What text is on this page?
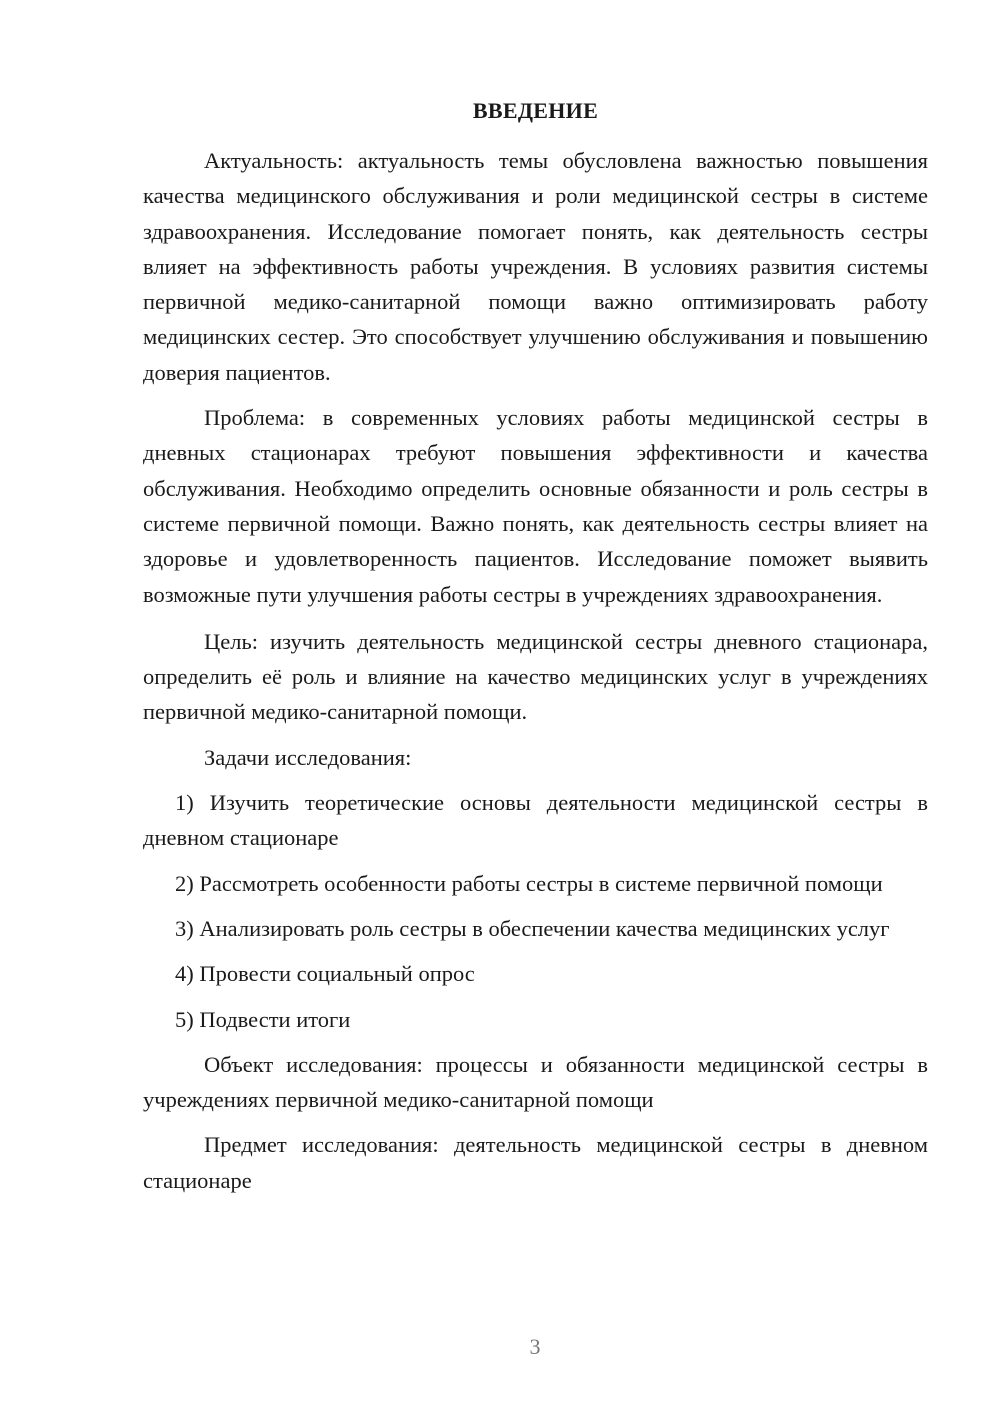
ВВЕДЕНИЕ

Актуальность: актуальность темы обусловлена важностью повышения качества медицинского обслуживания и роли медицинской сестры в системе здравоохранения. Исследование помогает понять, как деятельность сестры влияет на эффективность работы учреждения. В условиях развития системы первичной медико-санитарной помощи важно оптимизировать работу медицинских сестер. Это способствует улучшению обслуживания и повышению доверия пациентов.

Проблема: в современных условиях работы медицинской сестры в дневных стационарах требуют повышения эффективности и качества обслуживания. Необходимо определить основные обязанности и роль сестры в системе первичной помощи. Важно понять, как деятельность сестры влияет на здоровье и удовлетворенность пациентов. Исследование поможет выявить возможные пути улучшения работы сестры в учреждениях здравоохранения.

Цель: изучить деятельность медицинской сестры дневного стационара, определить её роль и влияние на качество медицинских услуг в учреждениях первичной медико-санитарной помощи.

Задачи исследования:

1) Изучить теоретические основы деятельности медицинской сестры в дневном стационаре

2) Рассмотреть особенности работы сестры в системе первичной помощи

3) Анализировать роль сестры в обеспечении качества медицинских услуг

4) Провести социальный опрос

5) Подвести итоги

Объект исследования: процессы и обязанности медицинской сестры в учреждениях первичной медико-санитарной помощи

Предмет исследования: деятельность медицинской сестры в дневном стационаре

3
